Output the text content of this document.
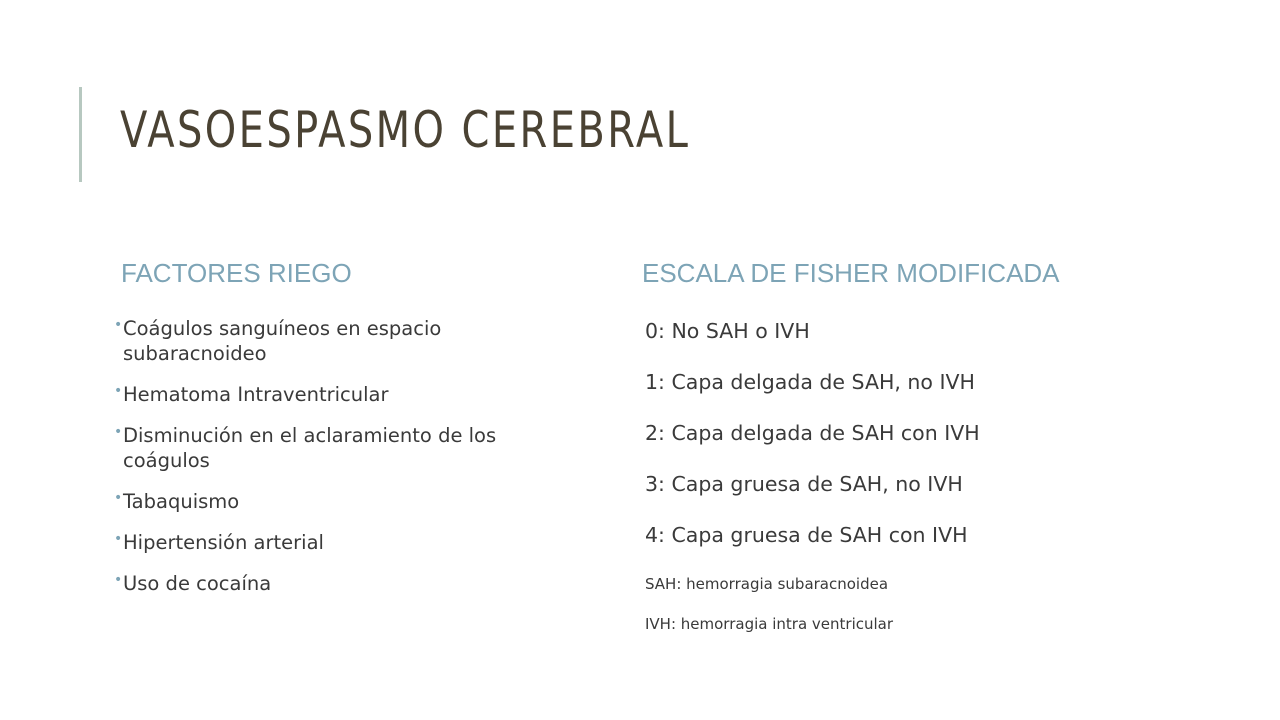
VASOESPASMO CEREBRAL
FACTORES RIEGO	ESCALA DE FISHER MODIFICADA
• Coágulos sanguíneos en espacio subaracnoideo
• Hematoma Intraventricular
• Disminución en el aclaramiento de los coágulos
• Tabaquismo
• Hipertensión arterial
• Uso de cocaína

0: No SAH o IVH

1: Capa delgada de SAH, no IVH

2: Capa delgada de SAH con IVH

3: Capa gruesa de SAH, no IVH

4: Capa gruesa de SAH con IVH

SAH: hemorragia subaracnoidea

IVH: hemorragia intra ventricular
